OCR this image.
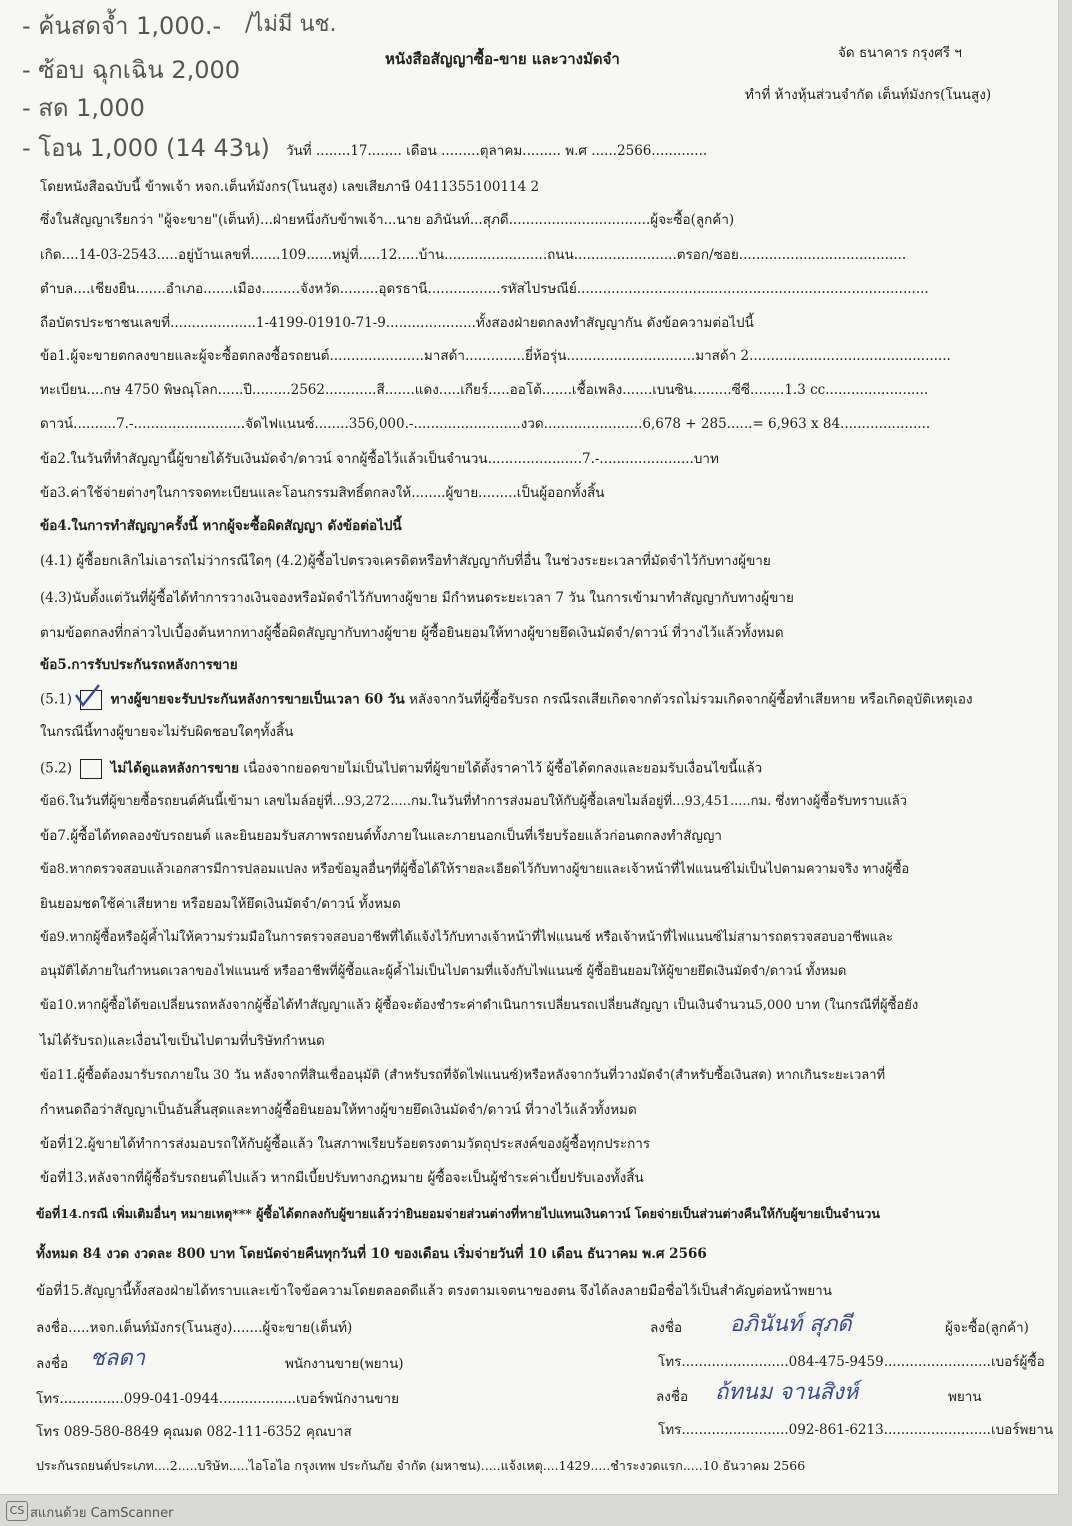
- ค้นสดจ้ำ 1,000.- /ไม่มี นช.
- ซ้อบ ฉุกเฉิน 2,000
- สด 1,000
- โอน 1,000 (14 43น)
หนังสือสัญญาซื้อ-ขาย และวางมัดจำ	จัด ธนาคาร กรุงศรี ฯ
ทำที่ ห้างหุ้นส่วนจำกัด เต็นท์มังกร(โนนสูง)
วันที่ ........17........ เดือน .........ตุลาคม......... พ.ศ ......2566.............
โดยหนังสือฉบับนี้ ข้าพเจ้า หจก.เต็นท์มังกร(โนนสูง) เลขเสียภาษี 0411355100114 2
ซึ่งในสัญญาเรียกว่า "ผู้จะขาย"(เต็นท์)...ฝ่ายหนึ่งกับข้าพเจ้า...นาย อภินันท์...สุภดี.................................ผู้จะซื้อ(ลูกค้า)
เกิด....14-03-2543.....อยู่บ้านเลขที่.......109......หมู่ที่.....12.....บ้าน........................ถนน........................ตรอก/ซอย.......................................
ตำบล....เชียงยืน.......อำเภอ.......เมือง.........จังหวัด.........อุดรธานี.................รหัสไปรษณีย์..................................................................................
ถือบัตรประชาชนเลขที่....................1-4199-01910-71-9.....................ทั้งสองฝ่ายตกลงทำสัญญากัน ดังข้อความต่อไปนี้
ข้อ1.ผู้จะขายตกลงขายและผู้จะซื้อตกลงซื้อรถยนต์......................มาสด้า..............ยี่ห้อรุ่น..............................มาสด้า 2...............................................
ทะเบียน....กษ 4750 พิษณุโลก......ปี.........2562............สี.......แดง.....เกียร์.....ออโต้.......เชื้อเพลิง.......เบนซิน.........ซีซี........1.3 cc........................
ดาวน์..........7.-..........................จัดไฟแนนซ์........356,000.-.........................งวด.......................6,678 + 285......= 6,963 x 84.....................
ข้อ2.ในวันที่ทำสัญญานี้ผู้ขายได้รับเงินมัดจำ/ดาวน์ จากผู้ซื้อไว้แล้วเป็นจำนวน......................7.-......................บาท
ข้อ3.ค่าใช้จ่ายต่างๆในการจดทะเบียนและโอนกรรมสิทธิ์ตกลงให้........ผู้ขาย.........เป็นผู้ออกทั้งสิ้น
ข้อ4.ในการทำสัญญาครั้งนี้ หากผู้จะซื้อผิดสัญญา ดังข้อต่อไปนี้
(4.1) ผู้ซื้อยกเลิกไม่เอารถไม่ว่ากรณีใดๆ (4.2)ผู้ซื้อไปตรวจเครดิตหรือทำสัญญากับที่อื่น ในช่วงระยะเวลาที่มัดจำไว้กับทางผู้ขาย
(4.3)นับตั้งแต่วันที่ผู้ซื้อได้ทำการวางเงินจองหรือมัดจำไว้กับทางผู้ขาย มีกำหนดระยะเวลา 7 วัน ในการเข้ามาทำสัญญากับทางผู้ขาย
ตามข้อตกลงที่กล่าวไปเบื้องต้นหากทางผู้ซื้อผิดสัญญากับทางผู้ขาย ผู้ซื้อยินยอมให้ทางผู้ขายยึดเงินมัดจำ/ดาวน์ ที่วางไว้แล้วทั้งหมด
ข้อ5.การรับประกันรถหลังการขาย
(5.1)	ทางผู้ขายจะรับประกันหลังการขายเป็นเวลา 60 วัน หลังจากวันที่ผู้ซื้อรับรถ กรณีรถเสียเกิดจากตัวรถไม่รวมเกิดจากผู้ซื้อทำเสียหาย หรือเกิดอุบัติเหตุเอง
ในกรณีนี้ทางผู้ขายจะไม่รับผิดชอบใดๆทั้งสิ้น
(5.2)	ไม่ได้ดูแลหลังการขาย เนื่องจากยอดขายไม่เป็นไปตามที่ผู้ขายได้ตั้งราคาไว้ ผู้ซื้อได้ตกลงและยอมรับเงื่อนไขนี้แล้ว
ข้อ6.ในวันที่ผู้ขายซื้อรถยนต์คันนี้เข้ามา เลขไมล์อยู่ที่...93,272.....กม.ในวันที่ทำการส่งมอบให้กับผู้ซื้อเลขไมล์อยู่ที่...93,451.....กม. ซึ่งทางผู้ซื้อรับทราบแล้ว
ข้อ7.ผู้ซื้อได้ทดลองขับรถยนต์ และยินยอมรับสภาพรถยนต์ทั้งภายในและภายนอกเป็นที่เรียบร้อยแล้วก่อนตกลงทำสัญญา
ข้อ8.หากตรวจสอบแล้วเอกสารมีการปลอมแปลง หรือข้อมูลอื่นๆที่ผู้ซื้อได้ให้รายละเอียดไว้กับทางผู้ขายและเจ้าหน้าที่ไฟแนนซ์ไม่เป็นไปตามความจริง ทางผู้ซื้อ
ยินยอมชดใช้ค่าเสียหาย หรือยอมให้ยึดเงินมัดจำ/ดาวน์ ทั้งหมด
ข้อ9.หากผู้ซื้อหรือผู้ค้ำไม่ให้ความร่วมมือในการตรวจสอบอาชีพที่ได้แจ้งไว้กับทางเจ้าหน้าที่ไฟแนนซ์ หรือเจ้าหน้าที่ไฟแนนซ์ไม่สามารถตรวจสอบอาชีพและ
อนุมัติได้ภายในกำหนดเวลาของไฟแนนซ์ หรืออาชีพที่ผู้ซื้อและผู้ค้ำไม่เป็นไปตามที่แจ้งกับไฟแนนซ์ ผู้ซื้อยินยอมให้ผู้ขายยึดเงินมัดจำ/ดาวน์ ทั้งหมด
ข้อ10.หากผู้ซื้อได้ขอเปลี่ยนรถหลังจากผู้ซื้อได้ทำสัญญาแล้ว ผู้ซื้อจะต้องชำระค่าดำเนินการเปลี่ยนรถเปลี่ยนสัญญา เป็นเงินจำนวน5,000 บาท (ในกรณีที่ผู้ซื้อยัง
ไม่ได้รับรถ)และเงื่อนไขเป็นไปตามที่บริษัทกำหนด
ข้อ11.ผู้ซื้อต้องมารับรถภายใน 30 วัน หลังจากที่สินเชื่ออนุมัติ (สำหรับรถที่จัดไฟแนนซ์)หรือหลังจากวันที่วางมัดจำ(สำหรับซื้อเงินสด) หากเกินระยะเวลาที่
กำหนดถือว่าสัญญาเป็นอันสิ้นสุดและทางผู้ซื้อยินยอมให้ทางผู้ขายยึดเงินมัดจำ/ดาวน์ ที่วางไว้แล้วทั้งหมด
ข้อที่12.ผู้ขายได้ทำการส่งมอบรถให้กับผู้ซื้อแล้ว ในสภาพเรียบร้อยตรงตามวัตถุประสงค์ของผู้ซื้อทุกประการ
ข้อที่13.หลังจากที่ผู้ซื้อรับรถยนต์ไปแล้ว หากมีเบี้ยปรับทางกฎหมาย ผู้ซื้อจะเป็นผู้ชำระค่าเบี้ยปรับเองทั้งสิ้น
ข้อที่14.กรณี เพิ่มเติมอื่นๆ หมายเหตุ*** ผู้ซื้อได้ตกลงกับผู้ขายแล้วว่ายินยอมจ่ายส่วนต่างที่หายไปแทนเงินดาวน์ โดยจ่ายเป็นส่วนต่างคืนให้กับผู้ขายเป็นจำนวน
ทั้งหมด 84 งวด งวดละ 800 บาท โดยนัดจ่ายคืนทุกวันที่ 10 ของเดือน เริ่มจ่ายวันที่ 10 เดือน ธันวาคม พ.ศ 2566
ข้อที่15.สัญญานี้ทั้งสองฝ่ายได้ทราบและเข้าใจข้อความโดยตลอดดีแล้ว ตรงตามเจตนาของตน จึงได้ลงลายมือชื่อไว้เป็นสำคัญต่อหน้าพยาน
ลงชื่อ.....หจก.เต็นท์มังกร(โนนสูง).......ผู้จะขาย(เต็นท์)	ลงชื่อ อภินันท์ สุภดี	ผู้จะซื้อ(ลูกค้า)
ลงชื่อ ชลดา	พนักงานขาย(พยาน)	โทร.........................084-475-9459.........................เบอร์ผู้ซื้อ
โทร...............099-041-0944..................เบอร์พนักงานขาย	ลงชื่อ ถ้ทนม จานสิงห์	พยาน
โทร 089-580-8849 คุณมด 082-111-6352 คุณบาส	โทร.........................092-861-6213.........................เบอร์พยาน
ประกันรถยนต์ประเภท....2.....บริษัท.....ไอโอไอ กรุงเทพ ประกันภัย จำกัด (มหาชน).....แจ้งเหตุ....1429.....ชำระงวดแรก.....10 ธันวาคม 2566
CS สแกนด้วย CamScanner
